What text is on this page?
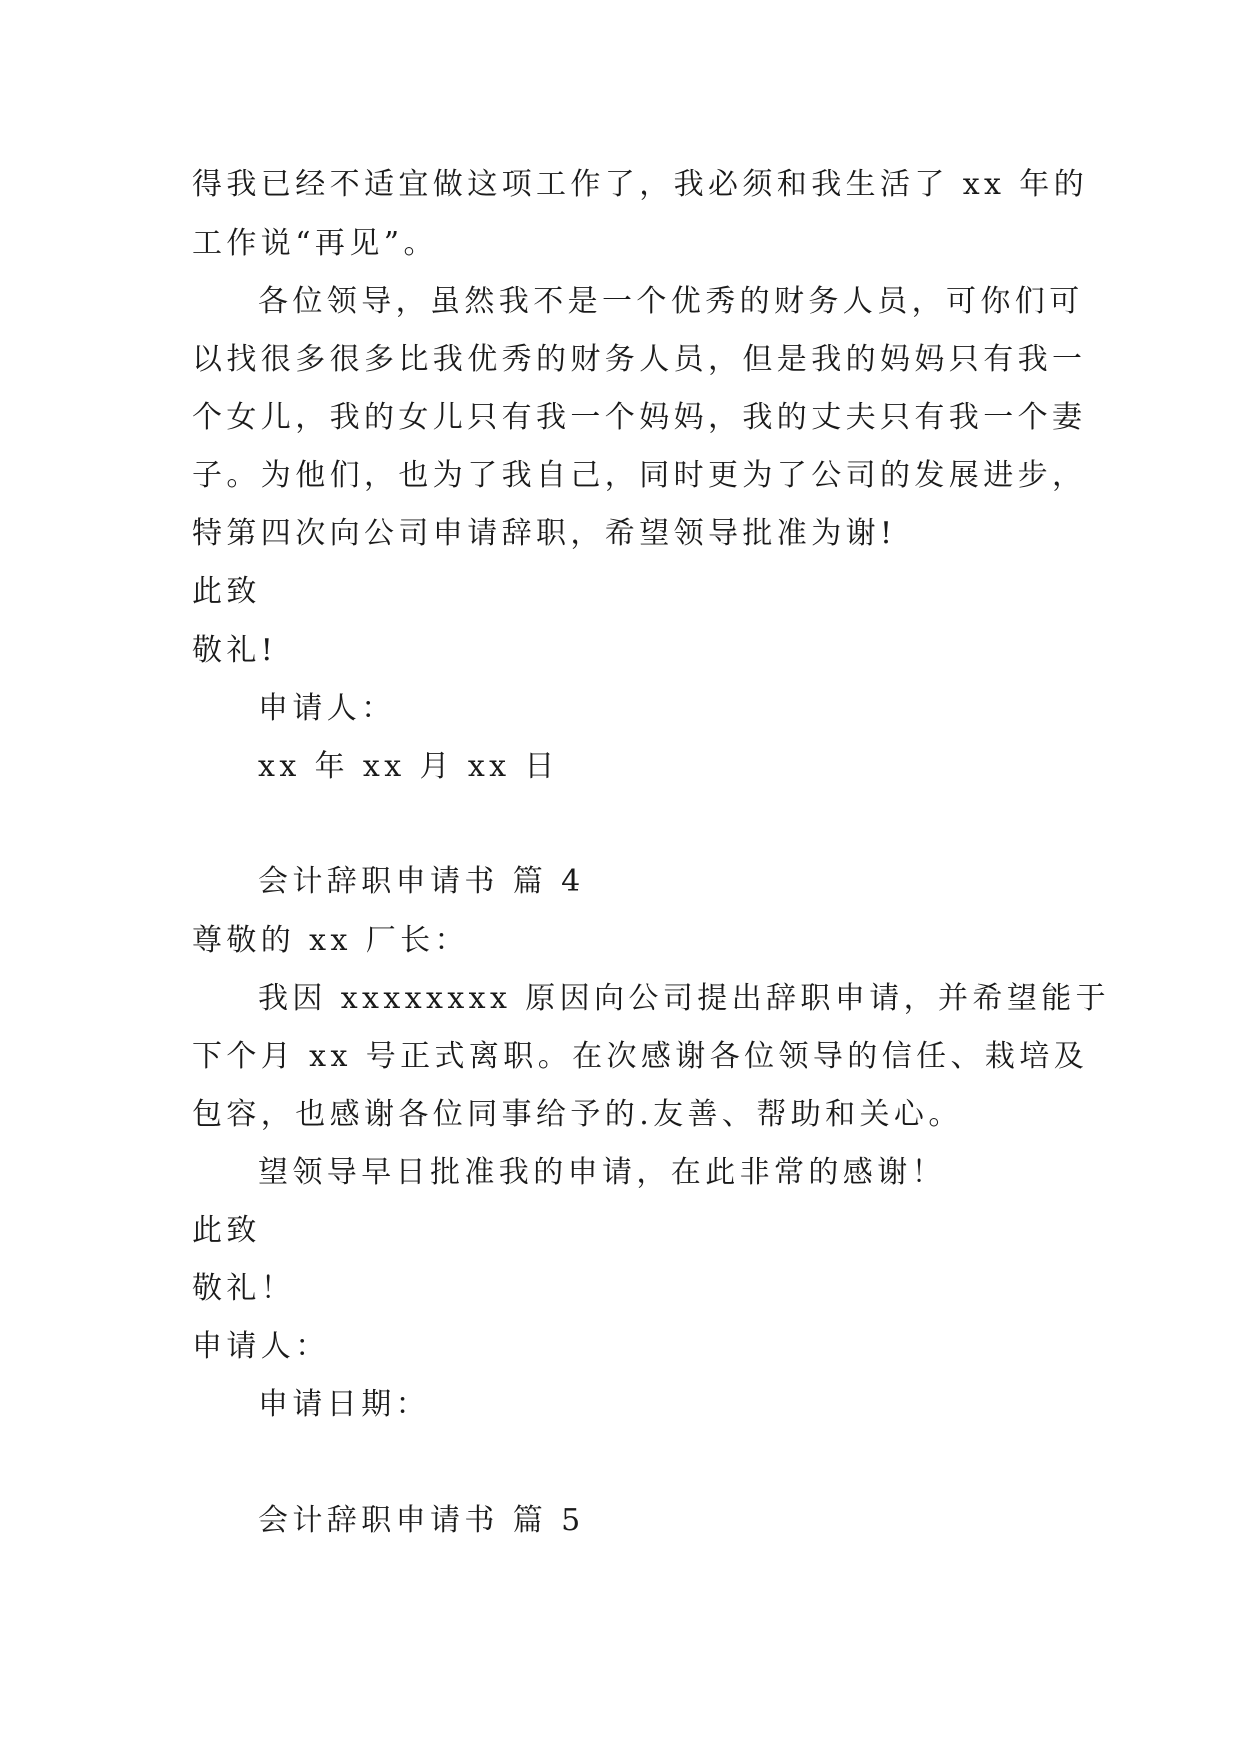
得我已经不适宜做这项工作了，我必须和我生活了 xx 年的
工作说“再见”。
各位领导，虽然我不是一个优秀的财务人员，可你们可
以找很多很多比我优秀的财务人员，但是我的妈妈只有我一
个女儿，我的女儿只有我一个妈妈，我的丈夫只有我一个妻
子。为他们，也为了我自己，同时更为了公司的发展进步，
特第四次向公司申请辞职，希望领导批准为谢!
此致
敬礼!
申请人：
xx 年 xx 月 xx 日
会计辞职申请书 篇 4
尊敬的 xx 厂长：
我因 xxxxxxxx 原因向公司提出辞职申请，并希望能于
下个月 xx 号正式离职。在次感谢各位领导的信任、栽培及
包容，也感谢各位同事给予的.友善、帮助和关心。
望领导早日批准我的申请，在此非常的感谢！
此致
敬礼！
申请人：
申请日期：
会计辞职申请书 篇 5
